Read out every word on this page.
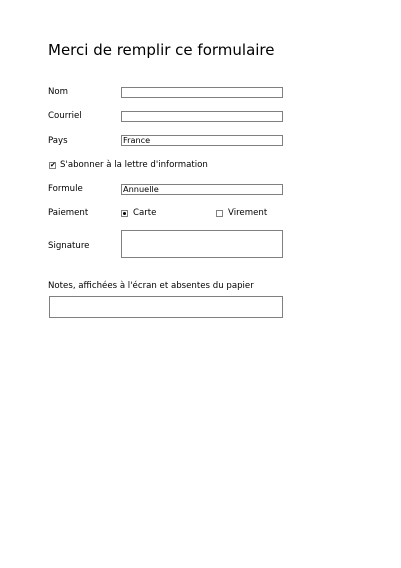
Merci de remplir ce formulaire
Nom
Courriel
Pays	France
✔ S'abonner à la lettre d'information
Formule	Annuelle
Paiement	Carte	Virement
Signature
Notes, affichées à l'écran et absentes du papier
